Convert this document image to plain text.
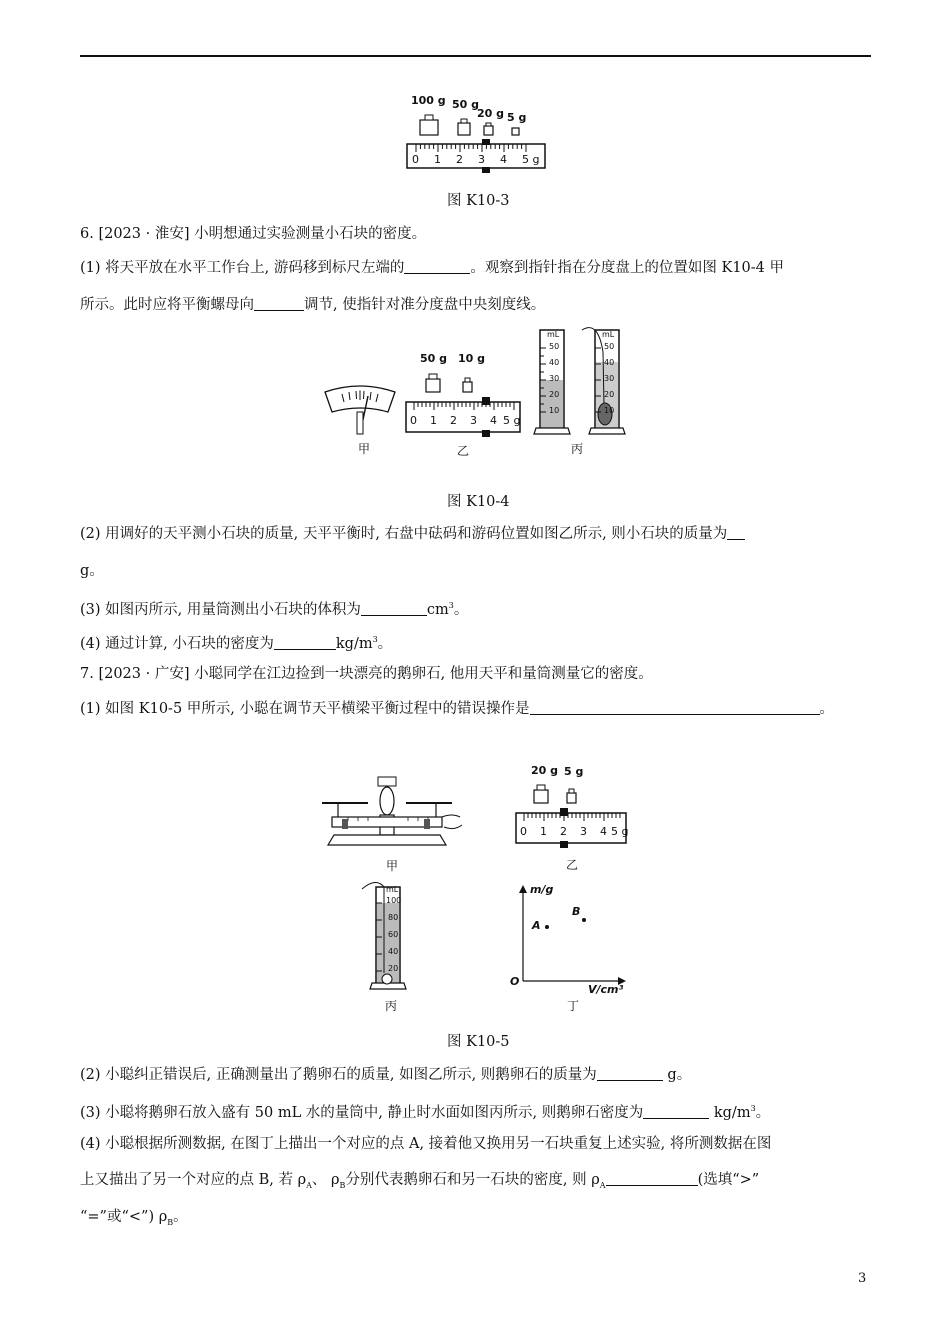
100 g 50 g
20 g 5 g
0 1 2 3 4 5 g
图 K10-3
6. [2023 · 淮安] 小明想通过实验测量小石块的密度。
(1) 将天平放在水平工作台上, 游码移到标尺左端的	。观察到指针指在分度盘上的位置如图 K10-4 甲
所示。此时应将平衡螺母向	调节, 使指针对准分度盘中央刻度线。
50 g 10 g
0 1 2 3 4 5 g
mL
50
40
30
20
10
mL
50
40
30
20
10
甲	乙	丙
图 K10-4
(2) 用调好的天平测小石块的质量, 天平平衡时, 右盘中砝码和游码位置如图乙所示, 则小石块的质量为
g。
(3) 如图丙所示, 用量筒测出小石块的体积为	$cm^3$。
(4) 通过计算, 小石块的密度为	$kg/m^3$。
7. [2023 · 广安] 小聪同学在江边捡到一块漂亮的鹅卵石, 他用天平和量筒测量它的密度。
(1) 如图 K10-5 甲所示, 小聪在调节天平横梁平衡过程中的错误操作是	。
20 g 5 g
0 1 2 3 4 5 g
mL
100
80
60
40
20
m/g
V/cm³
O
A
B
甲	乙
丙	丁
图 K10-5
(2) 小聪纠正错误后, 正确测量出了鹅卵石的质量, 如图乙所示, 则鹅卵石的质量为	g。
(3) 小聪将鹅卵石放入盛有 50 mL 水的量筒中, 静止时水面如图丙所示, 则鹅卵石密度为	$kg/m^3$。
(4) 小聪根据所测数据, 在图丁上描出一个对应的点 A, 接着他又换用另一石块重复上述实验, 将所测数据在图
上又描出了另一个对应的点 B, 若 $\rho_A$、 $\rho_B$分别代表鹅卵石和另一石块的密度, 则 $\rho_A$	(选填“>”
“=”或“<”) $\rho_B$。
3
